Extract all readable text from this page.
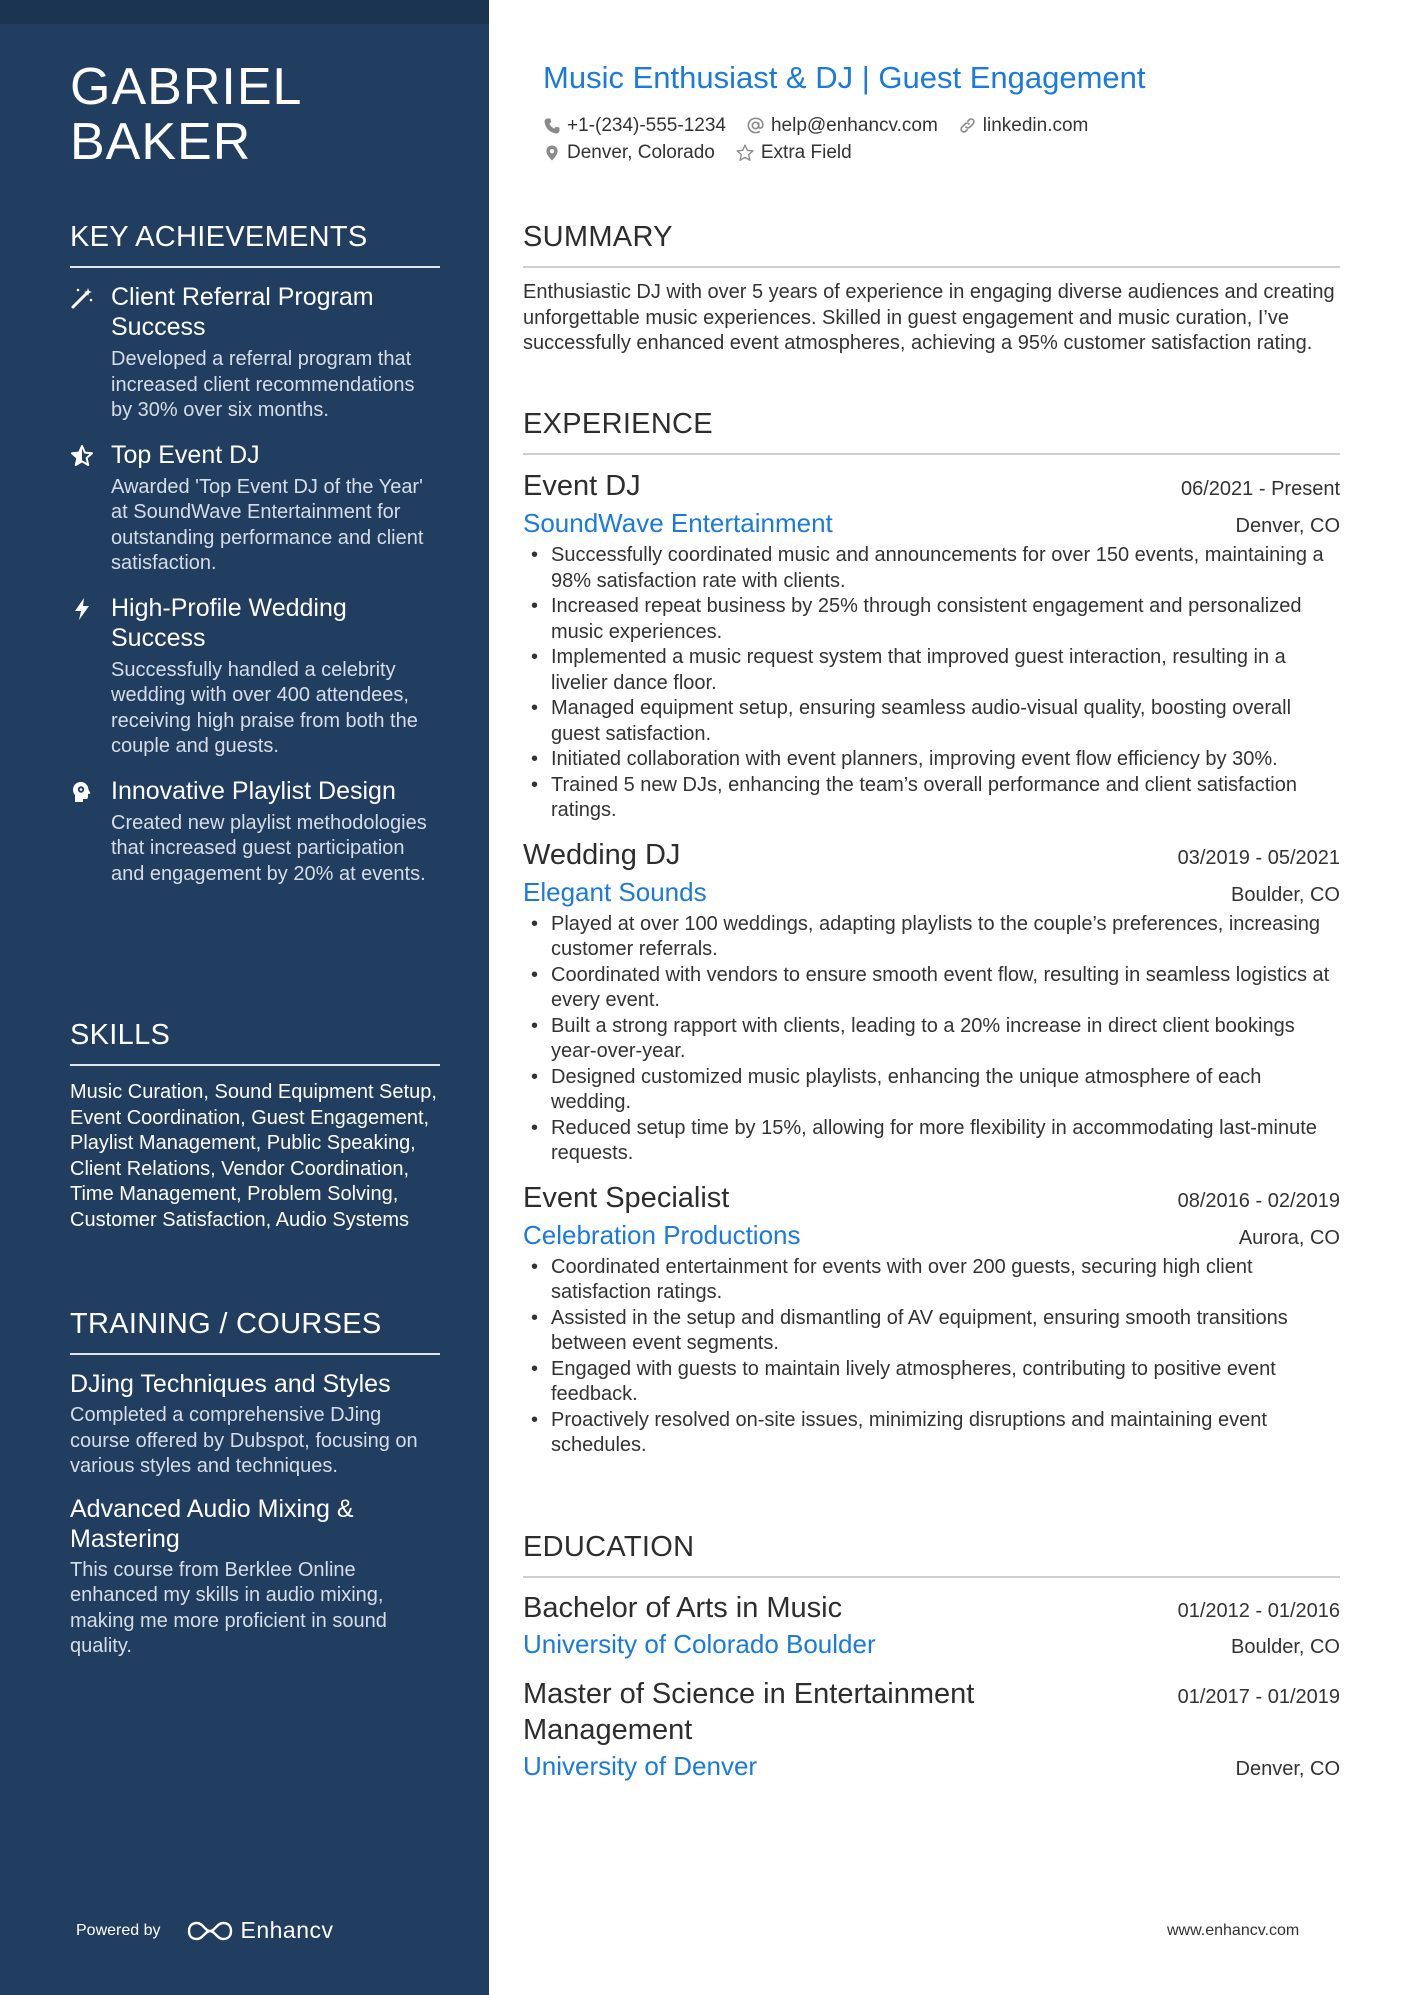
GABRIEL BAKER
KEY ACHIEVEMENTS
Client Referral Program Success
Developed a referral program that increased client recommendations by 30% over six months.
Top Event DJ
Awarded 'Top Event DJ of the Year' at SoundWave Entertainment for outstanding performance and client satisfaction.
High-Profile Wedding Success
Successfully handled a celebrity wedding with over 400 attendees, receiving high praise from both the couple and guests.
Innovative Playlist Design
Created new playlist methodologies that increased guest participation and engagement by 20% at events.
SKILLS
Music Curation, Sound Equipment Setup, Event Coordination, Guest Engagement, Playlist Management, Public Speaking, Client Relations, Vendor Coordination, Time Management, Problem Solving, Customer Satisfaction, Audio Systems
TRAINING / COURSES
DJing Techniques and Styles
Completed a comprehensive DJing course offered by Dubspot, focusing on various styles and techniques.
Advanced Audio Mixing & Mastering
This course from Berklee Online enhanced my skills in audio mixing, making me more proficient in sound quality.
Powered by	Enhancv
Music Enthusiast & DJ | Guest Engagement
+1-(234)-555-1234 help@enhancv.com linkedin.com
Denver, Colorado Extra Field
SUMMARY
Enthusiastic DJ with over 5 years of experience in engaging diverse audiences and creating unforgettable music experiences. Skilled in guest engagement and music curation, I’ve successfully enhanced event atmospheres, achieving a 95% customer satisfaction rating.
EXPERIENCE
Event DJ	06/2021 - Present
SoundWave Entertainment	Denver, CO
• Successfully coordinated music and announcements for over 150 events, maintaining a 98% satisfaction rate with clients.
• Increased repeat business by 25% through consistent engagement and personalized music experiences.
• Implemented a music request system that improved guest interaction, resulting in a livelier dance floor.
• Managed equipment setup, ensuring seamless audio-visual quality, boosting overall guest satisfaction.
• Initiated collaboration with event planners, improving event flow efficiency by 30%.
• Trained 5 new DJs, enhancing the team’s overall performance and client satisfaction ratings.
Wedding DJ	03/2019 - 05/2021
Elegant Sounds	Boulder, CO
• Played at over 100 weddings, adapting playlists to the couple’s preferences, increasing customer referrals.
• Coordinated with vendors to ensure smooth event flow, resulting in seamless logistics at every event.
• Built a strong rapport with clients, leading to a 20% increase in direct client bookings year-over-year.
• Designed customized music playlists, enhancing the unique atmosphere of each wedding.
• Reduced setup time by 15%, allowing for more flexibility in accommodating last-minute requests.
Event Specialist	08/2016 - 02/2019
Celebration Productions	Aurora, CO
• Coordinated entertainment for events with over 200 guests, securing high client satisfaction ratings.
• Assisted in the setup and dismantling of AV equipment, ensuring smooth transitions between event segments.
• Engaged with guests to maintain lively atmospheres, contributing to positive event feedback.
• Proactively resolved on-site issues, minimizing disruptions and maintaining event schedules.
EDUCATION
Bachelor of Arts in Music	01/2012 - 01/2016
University of Colorado Boulder	Boulder, CO
Master of Science in Entertainment Management
01/2017 - 01/2019
University of Denver	Denver, CO
www.enhancv.com
